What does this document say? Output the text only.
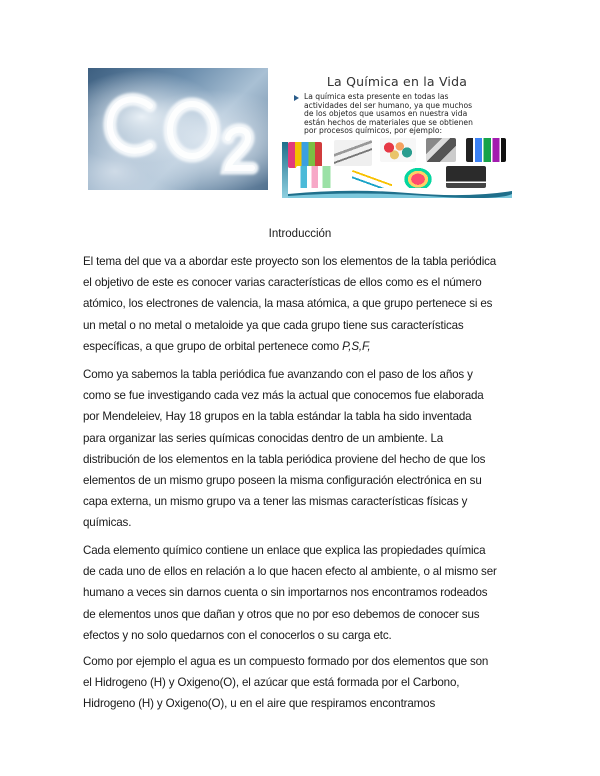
La Química en la Vida
La química esta presente en todas las
actividades del ser humano, ya que muchos
de los objetos que usamos en nuestra vida
están hechos de materiales que se obtienen
por procesos químicos, por ejemplo:
Introducción
El tema del que va a abordar este proyecto son los elementos de la tabla periódica
el objetivo de este es conocer varias características de ellos como es el número
atómico, los electrones de valencia, la masa atómica, a que grupo pertenece si es
un metal o no metal o metaloide ya que cada grupo tiene sus características
específicas, a que grupo de orbital pertenece como P,S,F,
Como ya sabemos la tabla periódica fue avanzando con el paso de los años y
como se fue investigando cada vez más la actual que conocemos fue elaborada
por Mendeleiev, Hay 18 grupos en la tabla estándar la tabla ha sido inventada
para organizar las series químicas conocidas dentro de un ambiente. La
distribución de los elementos en la tabla periódica proviene del hecho de que los
elementos de un mismo grupo poseen la misma configuración electrónica en su
capa externa, un mismo grupo va a tener las mismas características físicas y
químicas.
Cada elemento químico contiene un enlace que explica las propiedades química
de cada uno de ellos en relación a lo que hacen efecto al ambiente, o al mismo ser
humano a veces sin darnos cuenta o sin importarnos nos encontramos rodeados
de elementos unos que dañan y otros que no por eso debemos de conocer sus
efectos y no solo quedarnos con el conocerlos o su carga etc.
Como por ejemplo el agua es un compuesto formado por dos elementos que son
el Hidrogeno (H) y Oxigeno(O), el azúcar que está formada por el Carbono,
Hidrogeno (H) y Oxigeno(O), u en el aire que respiramos encontramos
